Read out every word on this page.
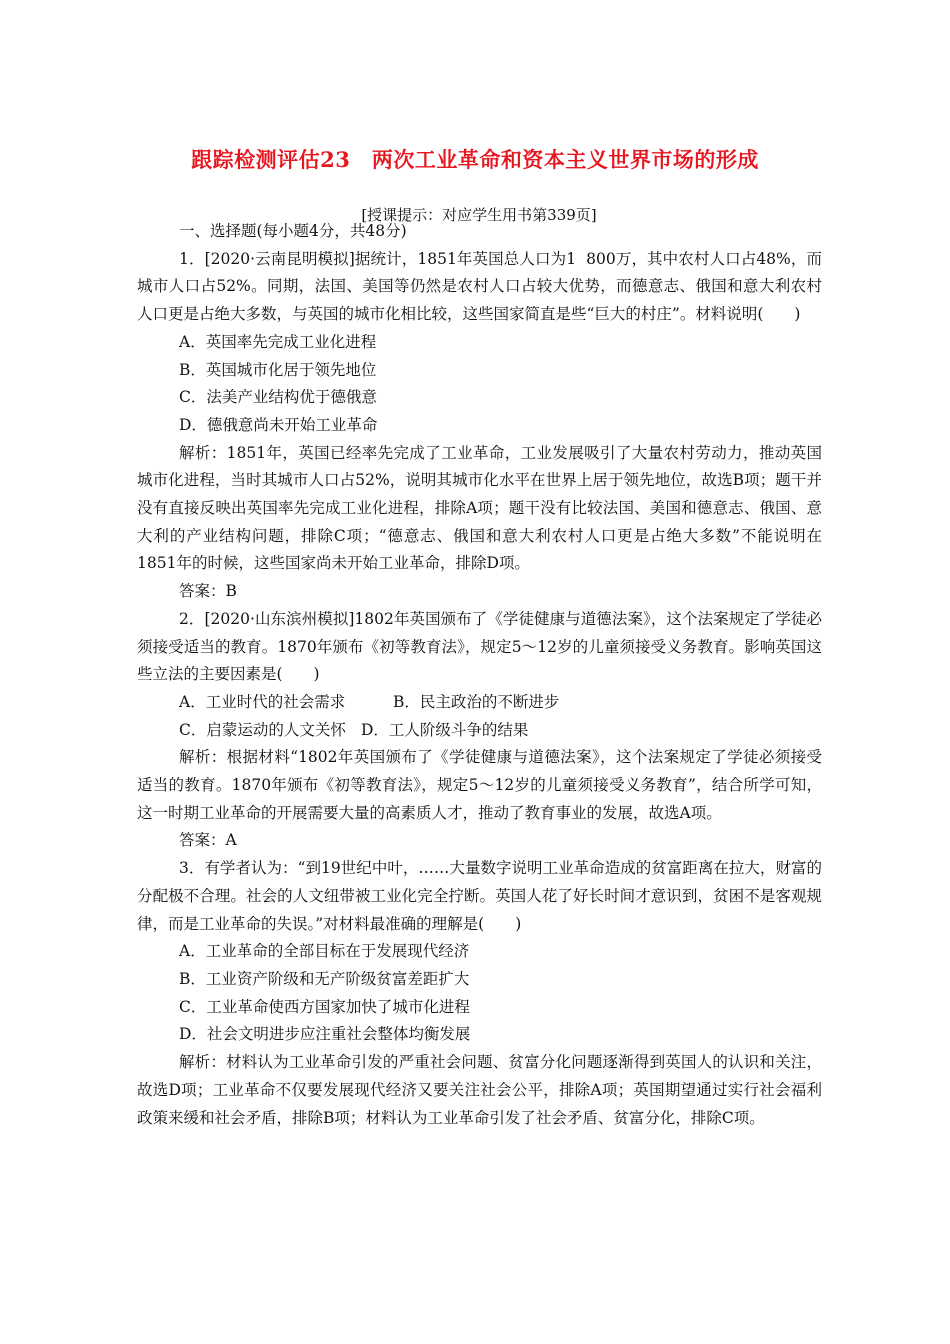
跟踪检测评估23　两次工业革命和资本主义世界市场的形成
[授课提示：对应学生用书第339页]

一、选择题(每小题4分，共48分)

1．[2020·云南昆明模拟]据统计，1851年英国总人口为1  800万，其中农村人口占48%，而城市人口占52%。同期，法国、美国等仍然是农村人口占较大优势，而德意志、俄国和意大利农村人口更是占绝大多数，与英国的城市化相比较，这些国家简直是些“巨大的村庄”。材料说明(　　)

A．英国率先完成工业化进程

B．英国城市化居于领先地位

C．法美产业结构优于德俄意

D．德俄意尚未开始工业革命

解析：1851年，英国已经率先完成了工业革命，工业发展吸引了大量农村劳动力，推动英国城市化进程，当时其城市人口占52%，说明其城市化水平在世界上居于领先地位，故选B项；题干并没有直接反映出英国率先完成工业化进程，排除A项；题干没有比较法国、美国和德意志、俄国、意大利的产业结构问题，排除C项；“德意志、俄国和意大利农村人口更是占绝大多数”不能说明在1851年的时候，这些国家尚未开始工业革命，排除D项。

答案：B

2．[2020·山东滨州模拟]1802年英国颁布了《学徒健康与道德法案》，这个法案规定了学徒必须接受适当的教育。1870年颁布《初等教育法》，规定5～12岁的儿童须接受义务教育。影响英国这些立法的主要因素是(　　)

A．工业时代的社会需求	B．民主政治的不断进步
C．启蒙运动的人文关怀 D．工人阶级斗争的结果

解析：根据材料“1802年英国颁布了《学徒健康与道德法案》，这个法案规定了学徒必须接受适当的教育。1870年颁布《初等教育法》，规定5～12岁的儿童须接受义务教育”，结合所学可知，这一时期工业革命的开展需要大量的高素质人才，推动了教育事业的发展，故选A项。

答案：A

3．有学者认为：“到19世纪中叶，……大量数字说明工业革命造成的贫富距离在拉大，财富的分配极不合理。社会的人文纽带被工业化完全拧断。英国人花了好长时间才意识到，贫困不是客观规律，而是工业革命的失误。”对材料最准确的理解是(　　)

A．工业革命的全部目标在于发展现代经济

B．工业资产阶级和无产阶级贫富差距扩大

C．工业革命使西方国家加快了城市化进程

D．社会文明进步应注重社会整体均衡发展

解析：材料认为工业革命引发的严重社会问题、贫富分化问题逐渐得到英国人的认识和关注，故选D项；工业革命不仅要发展现代经济又要关注社会公平，排除A项；英国期望通过实行社会福利政策来缓和社会矛盾，排除B项；材料认为工业革命引发了社会矛盾、贫富分化，排除C项。
